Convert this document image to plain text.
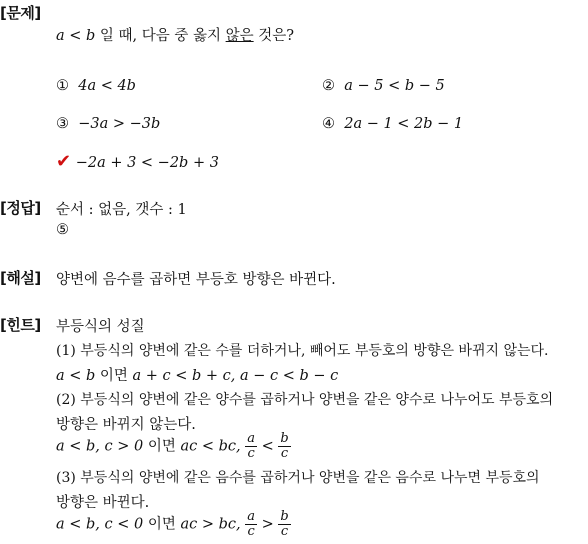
[문제]
a < b 일 때, 다음 중 옳지 않은 것은?
① 4a < 4b	② a − 5 < b − 5
③ −3a > −3b	④ 2a − 1 < 2b − 1
✔ −2a + 3 < −2b + 3
[정답] 순서 : 없음, 갯수 : 1
⑤
[해설] 양변에 음수를 곱하면 부등호 방향은 바뀐다.
[힌트] 부등식의 성질
(1) 부등식의 양변에 같은 수를 더하거나, 빼어도 부등호의 방향은 바뀌지 않는다.
a < b 이면 a + c < b + c, a − c < b − c
(2) 부등식의 양변에 같은 양수를 곱하거나 양변을 같은 양수로 나누어도 부등호의
방향은 바뀌지 않는다.
a < b, c > 0 이면 ac < bc, $\frac{a}{c} < \frac{b}{c}$
(3) 부등식의 양변에 같은 음수를 곱하거나 양변을 같은 음수로 나누면 부등호의
방향은 바뀐다.
a < b, c < 0 이면 ac > bc, $\frac{a}{c} > \frac{b}{c}$
